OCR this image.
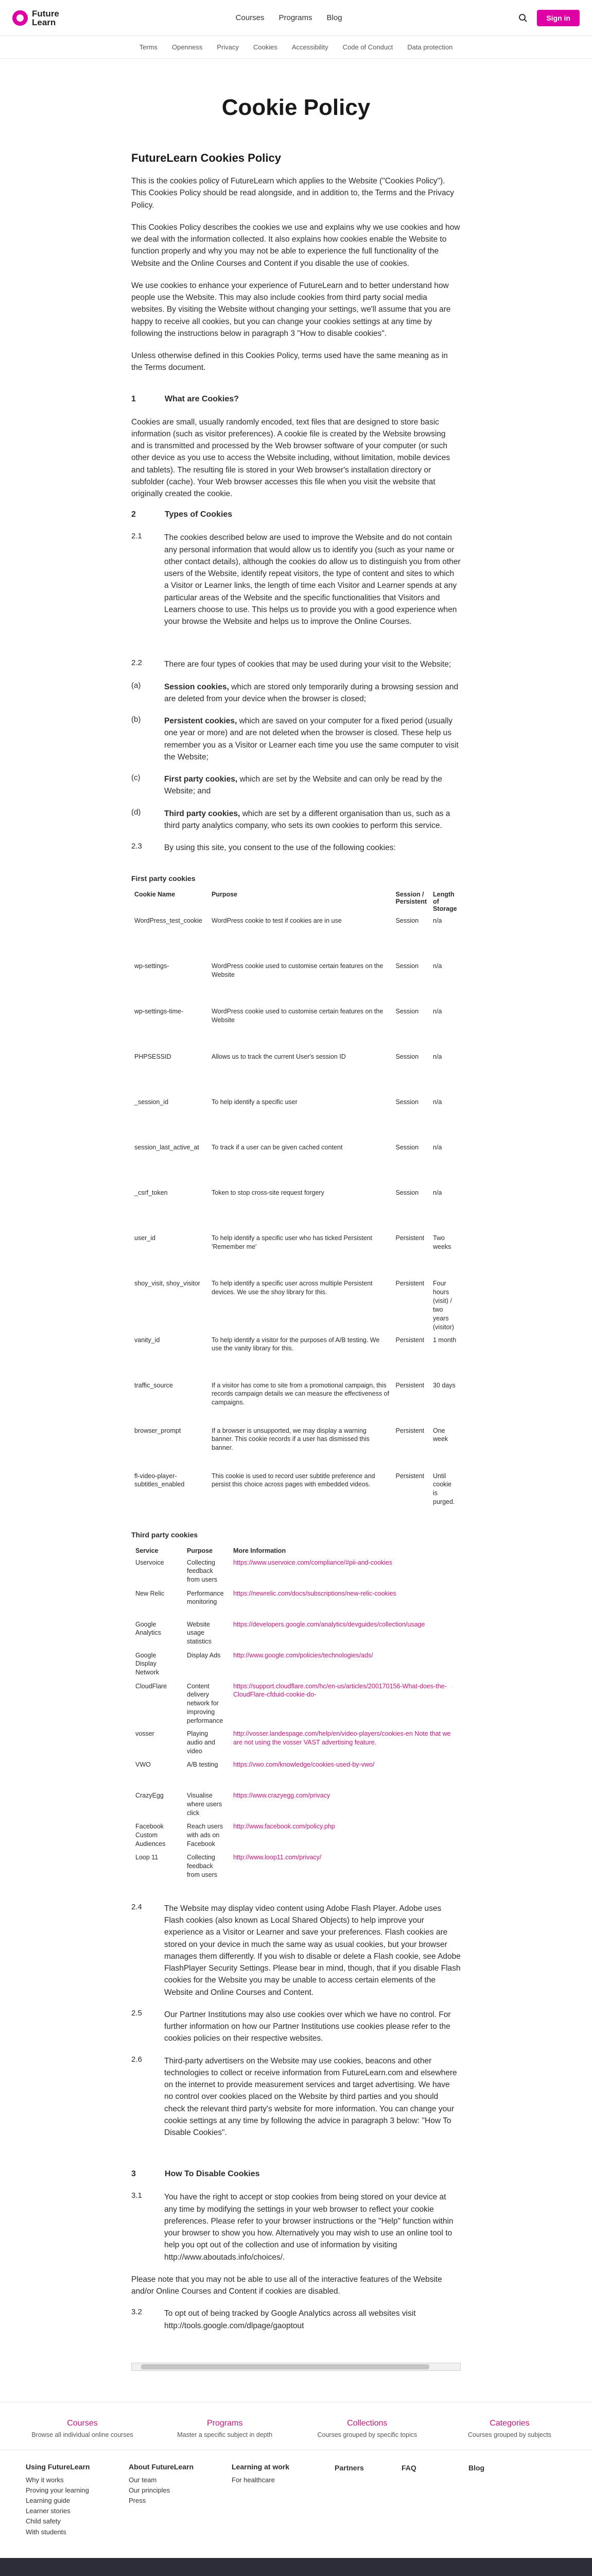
Future
Learn	Courses Programs Blog	Sign in
Terms Openness Privacy Cookies Accessibility Code of Conduct Data protection
Cookie Policy
FutureLearn Cookies Policy

This is the cookies policy of FutureLearn which applies to the Website ("Cookies Policy"). This Cookies Policy should be read alongside, and in addition to, the Terms and the Privacy Policy.

This Cookies Policy describes the cookies we use and explains why we use cookies and how we deal with the information collected. It also explains how cookies enable the Website to function properly and why you may not be able to experience the full functionality of the Website and the Online Courses and Content if you disable the use of cookies.

We use cookies to enhance your experience of FutureLearn and to better understand how people use the Website. This may also include cookies from third party social media websites. By visiting the Website without changing your settings, we'll assume that you are happy to receive all cookies, but you can change your cookies settings at any time by following the instructions below in paragraph 3 "How to disable cookies".

Unless otherwise defined in this Cookies Policy, terms used have the same meaning as in the Terms document.

1	What are Cookies?

Cookies are small, usually randomly encoded, text files that are designed to store basic information (such as visitor preferences). A cookie file is created by the Website browsing and is transmitted and processed by the Web browser software of your computer (or such other device as you use to access the Website including, without limitation, mobile devices and tablets). The resulting file is stored in your Web browser's installation directory or subfolder (cache). Your Web browser accesses this file when you visit the website that originally created the cookie.

2	Types of Cookies
2.1	The cookies described below are used to improve the Website and do not contain any personal information that would allow us to identify you (such as your name or other contact details), although the cookies do allow us to distinguish you from other users of the Website, identify repeat visitors, the type of content and sites to which a Visitor or Learner links, the length of time each Visitor and Learner spends at any particular areas of the Website and the specific functionalities that Visitors and Learners choose to use. This helps us to provide you with a good experience when your browse the Website and helps us to improve the Online Courses.

2.2	There are four types of cookies that may be used during your visit to the Website;

(a)	Session cookies, which are stored only temporarily during a browsing session and are deleted from your device when the browser is closed;

(b)	Persistent cookies, which are saved on your computer for a fixed period (usually one year or more) and are not deleted when the browser is closed. These help us remember you as a Visitor or Learner each time you use the same computer to visit the Website;

(c)	First party cookies, which are set by the Website and can only be read by the Website; and

(d)	Third party cookies, which are set by a different organisation than us, such as a third party analytics company, who sets its own cookies to perform this service.

2.3	By using this site, you consent to the use of the following cookies:

First party cookies
Cookie Name	Purpose	Session / Persistent	Length of Storage
WordPress_test_cookie	WordPress cookie to test if cookies are in use	Session	n/a
wp-settings-	WordPress cookie used to customise certain features on the Website	Session	n/a
wp-settings-time-	WordPress cookie used to customise certain features on the Website	Session	n/a
PHPSESSID	Allows us to track the current User's session ID	Session	n/a
_session_id	To help identify a specific user	Session	n/a
session_last_active_at	To track if a user can be given cached content	Session	n/a
_csrf_token	Token to stop cross-site request forgery	Session	n/a
user_id	To help identify a specific user who has ticked Persistent 'Remember me'	Persistent	Two weeks
shoy_visit, shoy_visitor	To help identify a specific user across multiple Persistent devices. We use the shoy library for this.	Persistent	Four hours (visit) / two years (visitor)
vanity_id	To help identify a visitor for the purposes of A/B testing. We use the vanity library for this.	Persistent	1 month
traffic_source	If a visitor has come to site from a promotional campaign, this records campaign details we can measure the effectiveness of campaigns.	Persistent	30 days
browser_prompt	If a browser is unsupported, we may display a warning banner. This cookie records if a user has dismissed this banner.	Persistent	One week
fl-video-player-subtitles_enabled	This cookie is used to record user subtitle preference and persist this choice across pages with embedded videos.	Persistent	Until cookie is purged.
Third party cookies
Service	Purpose	More Information
Uservoice	Collecting feedback from users	https://www.uservoice.com/compliance/#pii-and-cookies
New Relic	Performance monitoring	https://newrelic.com/docs/subscriptions/new-relic-cookies
Google Analytics	Website usage statistics	https://developers.google.com/analytics/devguides/collection/usage
Google Display Network	Display Ads	http://www.google.com/policies/technologies/ads/
CloudFlare	Content delivery network for improving performance	https://support.cloudflare.com/hc/en-us/articles/200170156-What-does-the-CloudFlare-cfduid-cookie-do-
vosser	Playing audio and video	http://vosser.landespage.com/help/en/video-players/cookies-en Note that we are not using the vosser VAST advertising feature.
VWO	A/B testing	https://vwo.com/knowledge/cookies-used-by-vwo/
CrazyEgg	Visualise where users click	https://www.crazyegg.com/privacy
Facebook Custom Audiences	Reach users with ads on Facebook	http://www.facebook.com/policy.php
Loop 11	Collecting feedback from users	http://www.loop11.com/privacy/
2.4	The Website may display video content using Adobe Flash Player. Adobe uses Flash cookies (also known as Local Shared Objects) to help improve your experience as a Visitor or Learner and save your preferences. Flash cookies are stored on your device in much the same way as usual cookies, but your browser manages them differently. If you wish to disable or delete a Flash cookie, see Adobe FlashPlayer Security Settings. Please bear in mind, though, that if you disable Flash cookies for the Website you may be unable to access certain elements of the Website and Online Courses and Content.

2.5	Our Partner Institutions may also use cookies over which we have no control. For further information on how our Partner Institutions use cookies please refer to the cookies policies on their respective websites.

2.6	Third-party advertisers on the Website may use cookies, beacons and other technologies to collect or receive information from FutureLearn.com and elsewhere on the internet to provide measurement services and target advertising. We have no control over cookies placed on the Website by third parties and you should check the relevant third party's website for more information. You can change your cookie settings at any time by following the advice in paragraph 3 below: "How To Disable Cookies".

3	How To Disable Cookies
3.1	You have the right to accept or stop cookies from being stored on your device at any time by modifying the settings in your web browser to reflect your cookie preferences. Please refer to your browser instructions or the "Help" function within your browser to show you how. Alternatively you may wish to use an online tool to help you opt out of the collection and use of information by visiting http://www.aboutads.info/choices/.

Please note that you may not be able to use all of the interactive features of the Website and/or Online Courses and Content if cookies are disabled.

3.2	To opt out of being tracked by Google Analytics across all websites visit http://tools.google.com/dlpage/gaoptout

Courses
Browse all individual online courses
Programs
Master a specific subject in depth
Collections
Courses grouped by specific topics
Categories
Courses grouped by subjects
Using FutureLearn
Why it works
Proving your learning
Learning guide
Learner stories
Child safety
With students
About FutureLearn
Our team
Our principles
Press
Learning at work
For healthcare
Partners	FAQ	Blog
